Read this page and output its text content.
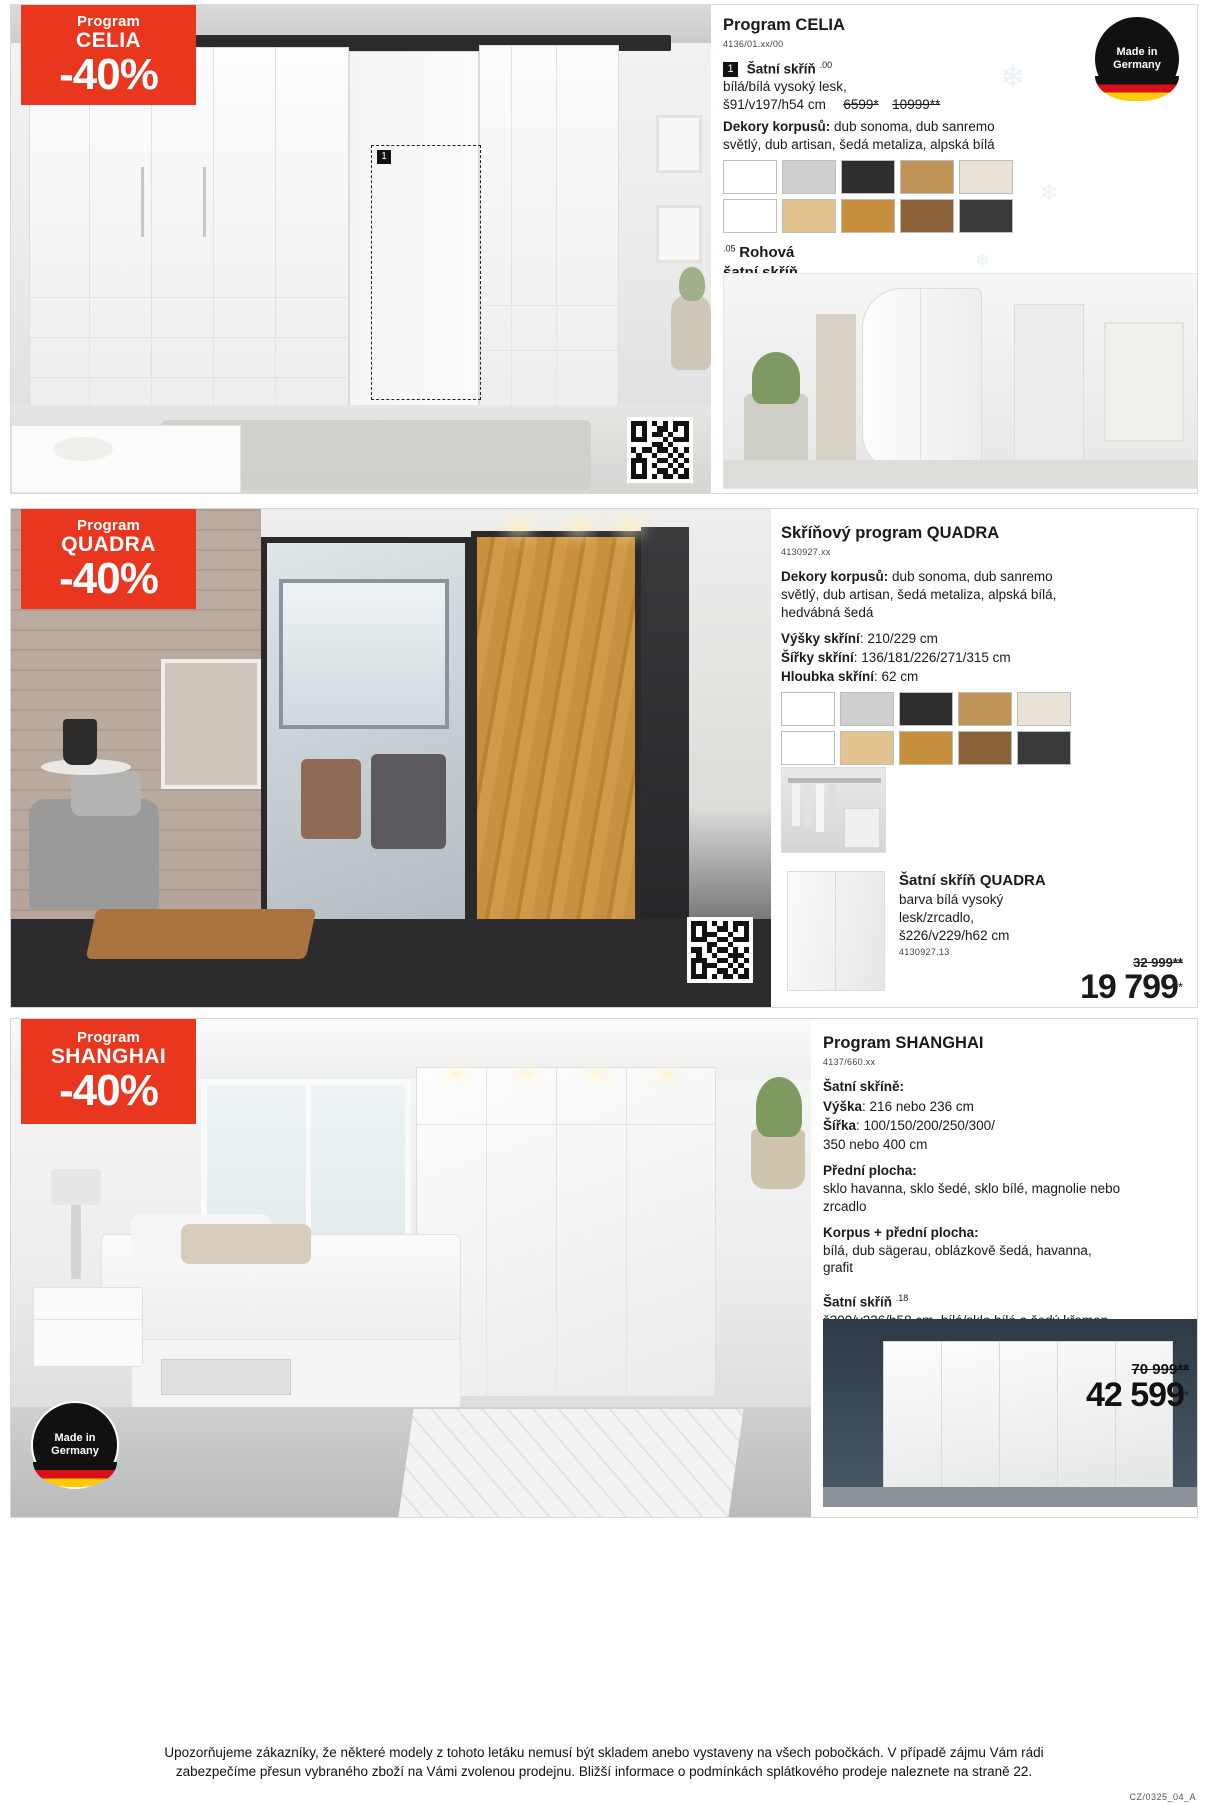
❄
❄
❄
1
Program
CELIA
-40%
Program CELIA
4136/01.xx/00

1 Šatní skříň $^{.00}$
bílá/bílá vysoký lesk,
š91/v197/h54 cm 6599* 10999**

Dekory korpusů: dub sonoma, dub sanremo světlý, dub artisan, šedá metaliza, alpská bílá

$^{.05}$ Rohová

Made in
Germany
Program
QUADRA
-40%
Skříňový program QUADRA
4130927.xx

Dekory korpusů: dub sonoma, dub sanremo světlý, dub artisan, šedá metaliza, alpská bílá, hedvábná šedá

Výšky skříní: 210/229 cm

Šířky skříní: 136/181/226/271/315 cm

Hloubka skříní: 62 cm

Šatní skříň QUADRA
barva bílá vysoký
lesk/zrcadlo,
š226/v229/h62 cm
4130927.13
32 999**
19 799*
Program
SHANGHAI
-40%
Made in
Germany
Program SHANGHAI
4137/660.xx

Šatní skříně:

Výška: 216 nebo 236 cm

Šířka: 100/150/200/250/300/

350 nebo 400 cm

Přední plocha:
sklo havanna, sklo šedé, sklo bílé, magnolie nebo zrcadlo

Korpus + přední plocha:
bílá, dub sägerau, oblázkově šedá, havanna, grafit

Šatní skříň $^{.18}$

70 999**
42 599*
Upozorňujeme zákazníky, že některé modely z tohoto letáku nemusí být skladem anebo vystaveny na všech pobočkách. V případě zájmu Vám rádi
zabezpečíme přesun vybraného zboží na Vámi zvolenou prodejnu. Bližší informace o podmínkách splátkového prodeje naleznete na straně 22.
CZ/0325_04_A
